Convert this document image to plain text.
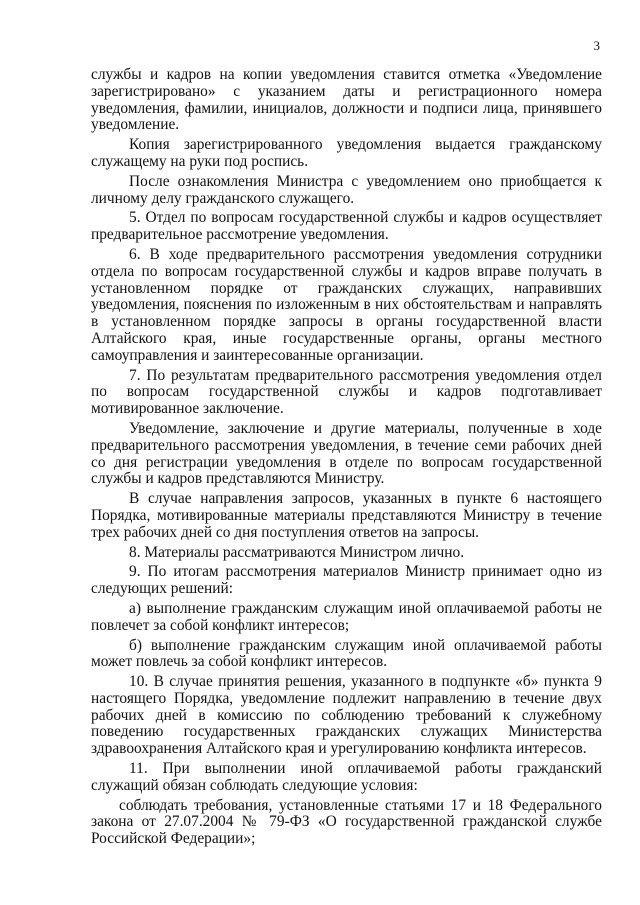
3

службы и кадров на копии уведомления ставится отметка «Уведомление зарегистрировано» с указанием даты и регистрационного номера уведомления, фамилии, инициалов, должности и подписи лица, принявшего уведомление.

Копия зарегистрированного уведомления выдается гражданскому служащему на руки под роспись.

После ознакомления Министра с уведомлением оно приобщается к личному делу гражданского служащего.

5. Отдел по вопросам государственной службы и кадров осуществляет предварительное рассмотрение уведомления.

6. В ходе предварительного рассмотрения уведомления сотрудники отдела по вопросам государственной службы и кадров вправе получать в установленном порядке от гражданских служащих, направивших уведомления, пояснения по изложенным в них обстоятельствам и направлять в установленном порядке запросы в органы государственной власти Алтайского края, иные государственные органы, органы местного самоуправления и заинтересованные организации.

7. По результатам предварительного рассмотрения уведомления отдел по вопросам государственной службы и кадров подготавливает мотивированное заключение.

Уведомление, заключение и другие материалы, полученные в ходе предварительного рассмотрения уведомления, в течение семи рабочих дней со дня регистрации уведомления в отделе по вопросам государственной службы и кадров представляются Министру.

В случае направления запросов, указанных в пункте 6 настоящего Порядка, мотивированные материалы представляются Министру в течение трех рабочих дней со дня поступления ответов на запросы.

8. Материалы рассматриваются Министром лично.

9. По итогам рассмотрения материалов Министр принимает одно из следующих решений:

а) выполнение гражданским служащим иной оплачиваемой работы не повлечет за собой конфликт интересов;

б) выполнение гражданским служащим иной оплачиваемой работы может повлечь за собой конфликт интересов.

10. В случае принятия решения, указанного в подпункте «б» пункта 9 настоящего Порядка, уведомление подлежит направлению в течение двух рабочих дней в комиссию по соблюдению требований к служебному поведению государственных гражданских служащих Министерства здравоохранения Алтайского края и урегулированию конфликта интересов.

11. При выполнении иной оплачиваемой работы гражданский служащий обязан соблюдать следующие условия:

соблюдать требования, установленные статьями 17 и 18 Федерального закона от 27.07.2004 № 79-ФЗ «О государственной гражданской службе Российской Федерации»;
